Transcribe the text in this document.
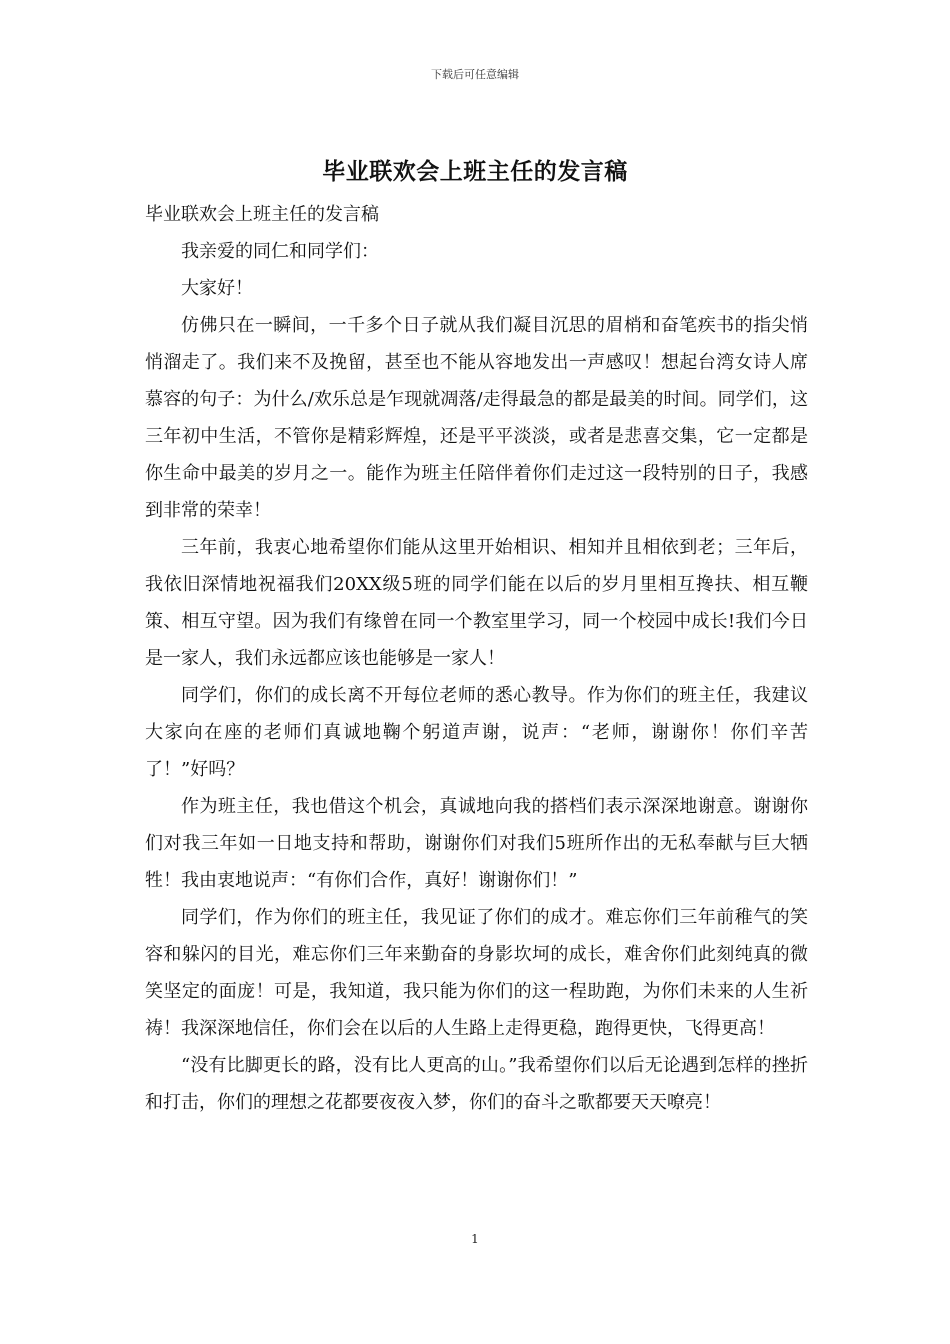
下载后可任意编辑
毕业联欢会上班主任的发言稿

毕业联欢会上班主任的发言稿

我亲爱的同仁和同学们：

大家好！

仿佛只在一瞬间，一千多个日子就从我们凝目沉思的眉梢和奋笔疾书的指尖悄悄溜走了。我们来不及挽留，甚至也不能从容地发出一声感叹！想起台湾女诗人席慕容的句子：为什么/欢乐总是乍现就凋落/走得最急的都是最美的时间。同学们，这三年初中生活，不管你是精彩辉煌，还是平平淡淡，或者是悲喜交集，它一定都是你生命中最美的岁月之一。能作为班主任陪伴着你们走过这一段特别的日子，我感到非常的荣幸！

三年前，我衷心地希望你们能从这里开始相识、相知并且相依到老；三年后，我依旧深情地祝福我们20XX级5班的同学们能在以后的岁月里相互搀扶、相互鞭策、相互守望。因为我们有缘曾在同一个教室里学习，同一个校园中成长!我们今日是一家人，我们永远都应该也能够是一家人！

同学们，你们的成长离不开每位老师的悉心教导。作为你们的班主任，我建议大家向在座的老师们真诚地鞠个躬道声谢，说声：“老师，谢谢你！你们辛苦了！”好吗？

作为班主任，我也借这个机会，真诚地向我的搭档们表示深深地谢意。谢谢你们对我三年如一日地支持和帮助，谢谢你们对我们5班所作出的无私奉献与巨大牺牲！我由衷地说声：“有你们合作，真好！谢谢你们！”

同学们，作为你们的班主任，我见证了你们的成才。难忘你们三年前稚气的笑容和躲闪的目光，难忘你们三年来勤奋的身影坎坷的成长，难舍你们此刻纯真的微笑坚定的面庞！可是，我知道，我只能为你们的这一程助跑，为你们未来的人生祈祷！我深深地信任，你们会在以后的人生路上走得更稳，跑得更快，飞得更高！

“没有比脚更长的路，没有比人更高的山。”我希望你们以后无论遇到怎样的挫折和打击，你们的理想之花都要夜夜入梦，你们的奋斗之歌都要天天嘹亮！

1
